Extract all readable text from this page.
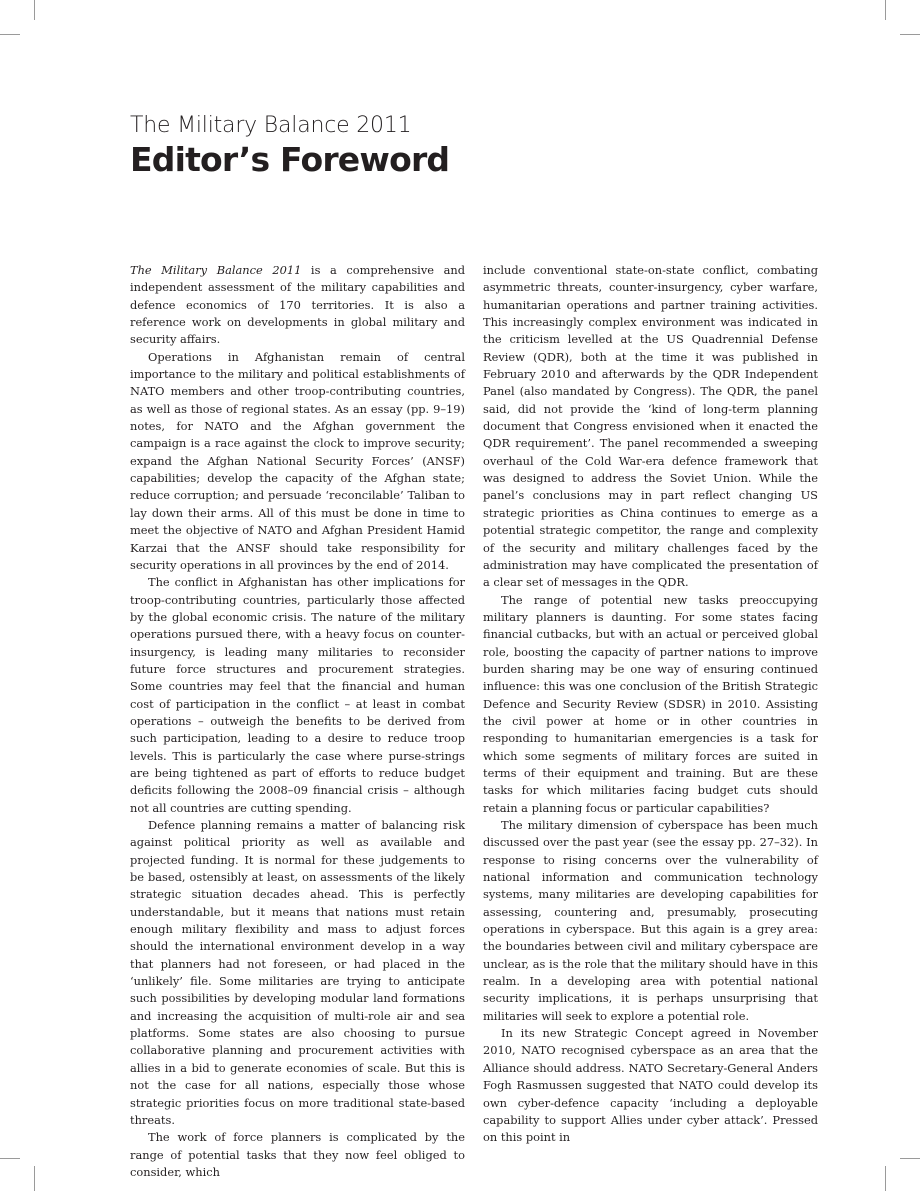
The Military Balance 2011
Editor’s Foreword

The Military Balance 2011 is a comprehensive and independent assessment of the military capabilities and defence economics of 170 territories. It is also a reference work on developments in global military and security affairs.

Operations in Afghanistan remain of central importance to the military and political establishments of NATO members and other troop-contributing countries, as well as those of regional states. As an essay (pp. 9–19) notes, for NATO and the Afghan government the campaign is a race against the clock to improve security; expand the Afghan National Security Forces’ (ANSF) capabilities; develop the capacity of the Afghan state; reduce corruption; and persuade ‘reconcilable’ Taliban to lay down their arms. All of this must be done in time to meet the objective of NATO and Afghan President Hamid Karzai that the ANSF should take responsibility for security operations in all provinces by the end of 2014.

The conflict in Afghanistan has other implications for troop-contributing countries, particularly those affected by the global economic crisis. The nature of the military operations pursued there, with a heavy focus on counter-insurgency, is leading many militaries to reconsider future force structures and procurement strategies. Some countries may feel that the financial and human cost of participation in the conflict – at least in combat operations – outweigh the benefits to be derived from such participation, leading to a desire to reduce troop levels. This is particularly the case where purse-strings are being tightened as part of efforts to reduce budget deficits following the 2008–09 financial crisis – although not all countries are cutting spending.

Defence planning remains a matter of balancing risk against political priority as well as available and projected funding. It is normal for these judgements to be based, ostensibly at least, on assessments of the likely strategic situation decades ahead. This is perfectly understandable, but it means that nations must retain enough military flexibility and mass to adjust forces should the international environment develop in a way that planners had not foreseen, or had placed in the ‘unlikely’ file. Some militaries are trying to anticipate such possibilities by developing modular land formations and increasing the acquisition of multi-role air and sea platforms. Some states are also choosing to pursue collaborative planning and procurement activities with allies in a bid to generate economies of scale. But this is not the case for all nations, especially those whose strategic priorities focus on more traditional state-based threats.

The work of force planners is complicated by the range of potential tasks that they now feel obliged to consider, which

include conventional state-on-state conflict, combating asymmetric threats, counter-insurgency, cyber warfare, humanitarian operations and partner training activities. This increasingly complex environment was indicated in the criticism levelled at the US Quadrennial Defense Review (QDR), both at the time it was published in February 2010 and afterwards by the QDR Independent Panel (also mandated by Congress). The QDR, the panel said, did not provide the ‘kind of long-term planning document that Congress envisioned when it enacted the QDR requirement’. The panel recommended a sweeping overhaul of the Cold War-era defence framework that was designed to address the Soviet Union. While the panel’s conclusions may in part reflect changing US strategic priorities as China continues to emerge as a potential strategic competitor, the range and complexity of the security and military challenges faced by the administration may have complicated the presentation of a clear set of messages in the QDR.

The range of potential new tasks preoccupying military planners is daunting. For some states facing financial cutbacks, but with an actual or perceived global role, boosting the capacity of partner nations to improve burden sharing may be one way of ensuring continued influence: this was one conclusion of the British Strategic Defence and Security Review (SDSR) in 2010. Assisting the civil power at home or in other countries in responding to humanitarian emergencies is a task for which some segments of military forces are suited in terms of their equipment and training. But are these tasks for which militaries facing budget cuts should retain a planning focus or particular capabilities?

The military dimension of cyberspace has been much discussed over the past year (see the essay pp. 27–32). In response to rising concerns over the vulnerability of national information and communication technology systems, many militaries are developing capabilities for assessing, countering and, presumably, prosecuting operations in cyberspace. But this again is a grey area: the boundaries between civil and military cyberspace are unclear, as is the role that the military should have in this realm. In a developing area with potential national security implications, it is perhaps unsurprising that militaries will seek to explore a potential role.

In its new Strategic Concept agreed in November 2010, NATO recognised cyberspace as an area that the Alliance should address. NATO Secretary-General Anders Fogh Rasmussen suggested that NATO could develop its own cyber-defence capacity ‘including a deployable capability to support Allies under cyber attack’. Pressed on this point in
